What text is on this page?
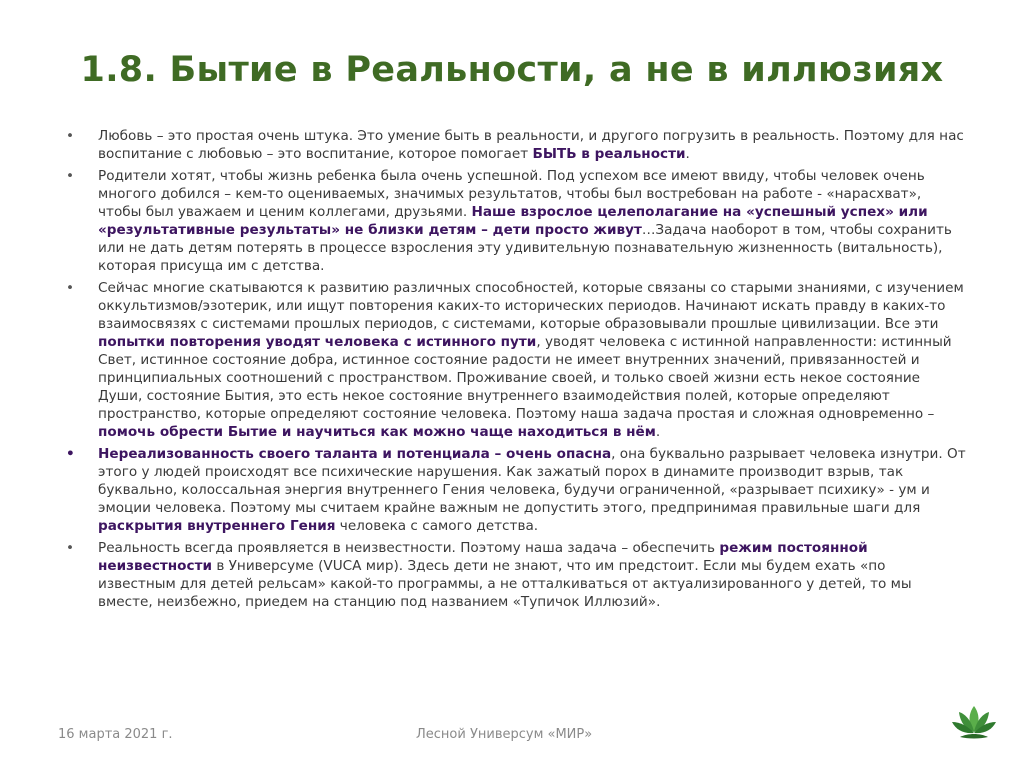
1.8. Бытие в Реальности, а не в иллюзиях
• Любовь – это простая очень штука. Это умение быть в реальности, и другого погрузить в реальность. Поэтому для нас воспитание с любовью – это воспитание, которое помогает БЫТЬ в реальности.
• Родители хотят, чтобы жизнь ребенка была очень успешной. Под успехом все имеют ввиду, чтобы человек очень многого добился – кем-то оцениваемых, значимых результатов, чтобы был востребован на работе - «нарасхват», чтобы был уважаем и ценим коллегами, друзьями. Наше взрослое целеполагание на «успешный успех» или «результативные результаты» не близки детям – дети просто живут…Задача наоборот в том, чтобы сохранить или не дать детям потерять в процессе взросления эту удивительную познавательную жизненность (витальность), которая присуща им с детства.
• Сейчас многие скатываются к развитию различных способностей, которые связаны со старыми знаниями, с изучением оккультизмов/эзотерик, или ищут повторения каких-то исторических периодов. Начинают искать правду в каких-то взаимосвязях с системами прошлых периодов, с системами, которые образовывали прошлые цивилизации. Все эти попытки повторения уводят человека с истинного пути, уводят человека с истинной направленности: истинный Свет, истинное состояние добра, истинное состояние радости не имеет внутренних значений, привязанностей и принципиальных соотношений с пространством. Проживание своей, и только своей жизни есть некое состояние Души, состояние Бытия, это есть некое состояние внутреннего взаимодействия полей, которые определяют пространство, которые определяют состояние человека. Поэтому наша задача простая и сложная одновременно – помочь обрести Бытие и научиться как можно чаще находиться в нём.
• Нереализованность своего таланта и потенциала – очень опасна, она буквально разрывает человека изнутри. От этого у людей происходят все психические нарушения. Как зажатый порох в динамите производит взрыв, так буквально, колоссальная энергия внутреннего Гения человека, будучи ограниченной, «разрывает психику» - ум и эмоции человека. Поэтому мы считаем крайне важным не допустить этого, предпринимая правильные шаги для раскрытия внутреннего Гения человека с самого детства.
• Реальность всегда проявляется в неизвестности. Поэтому наша задача – обеспечить режим постоянной неизвестности в Универсуме (VUCA мир). Здесь дети не знают, что им предстоит. Если мы будем ехать «по известным для детей рельсам» какой-то программы, а не отталкиваться от актуализированного у детей, то мы вместе, неизбежно, приедем на станцию под названием «Тупичок Иллюзий».
16 марта 2021 г.	Лесной Универсум «МИР»
